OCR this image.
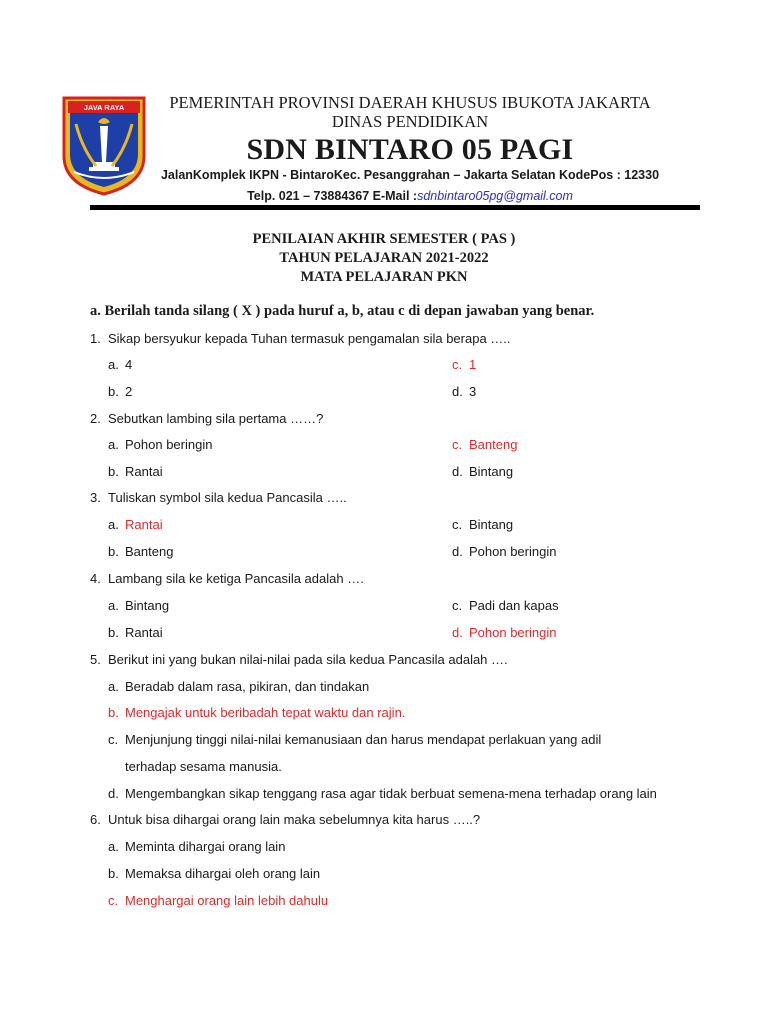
JAVA RAYA	PEMERINTAH PROVINSI DAERAH KHUSUS IBUKOTA JAKARTA
DINAS PENDIDIKAN
SDN BINTARO 05 PAGI
JalanKomplek IKPN - BintaroKec. Pesanggrahan – Jakarta Selatan KodePos : 12330
Telp. 021 – 73884367 E-Mail :sdnbintaro05pg@gmail.com
PENILAIAN AKHIR SEMESTER ( PAS )
TAHUN PELAJARAN 2021-2022
MATA PELAJARAN PKN
a. Berilah tanda silang ( X ) pada huruf a, b, atau c di depan jawaban yang benar.
1. Sikap bersyukur kepada Tuhan termasuk pengamalan sila berapa …..
a. 4	c. 1
b. 2	d. 3
2. Sebutkan lambing sila pertama ……?
a. Pohon beringin	c. Banteng
b. Rantai	d. Bintang
3. Tuliskan symbol sila kedua Pancasila …..
a. Rantai	c. Bintang
b. Banteng	d. Pohon beringin
4. Lambang sila ke ketiga Pancasila adalah ….
a. Bintang	c. Padi dan kapas
b. Rantai	d. Pohon beringin
5. Berikut ini yang bukan nilai-nilai pada sila kedua Pancasila adalah ….
a. Beradab dalam rasa, pikiran, dan tindakan
b. Mengajak untuk beribadah tepat waktu dan rajin.
c. Menjunjung tinggi nilai-nilai kemanusiaan dan harus mendapat perlakuan yang adil
terhadap sesama manusia.
d. Mengembangkan sikap tenggang rasa agar tidak berbuat semena-mena terhadap orang lain
6. Untuk bisa dihargai orang lain maka sebelumnya kita harus …..?
a. Meminta dihargai orang lain
b. Memaksa dihargai oleh orang lain
c. Menghargai orang lain lebih dahulu
